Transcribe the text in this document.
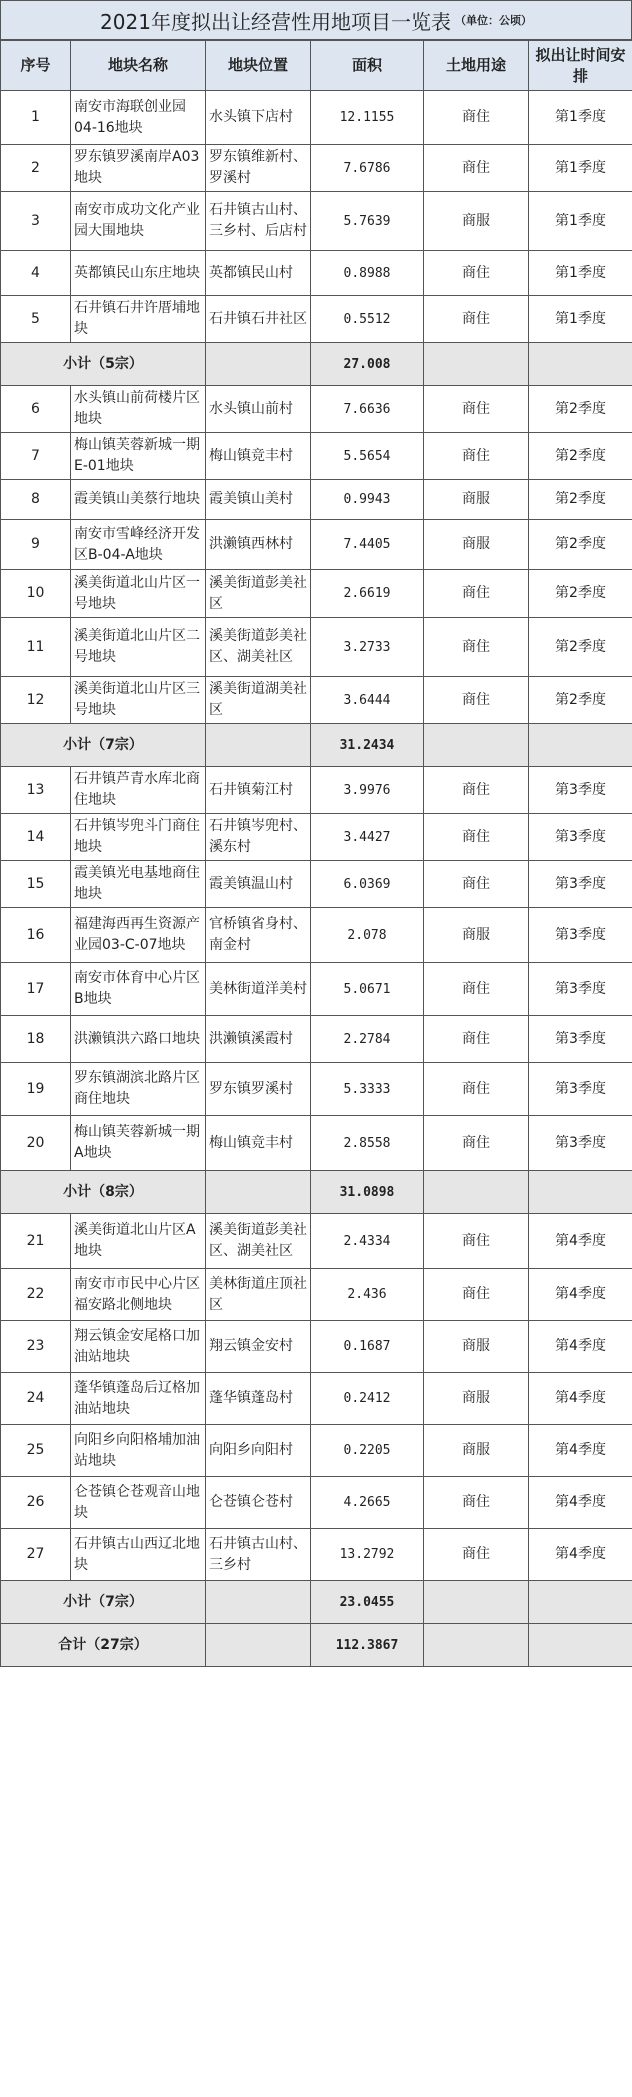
2021年度拟出让经营性用地项目一览表 （单位：公顷）
序号	地块名称	地块位置	面积	土地用途	拟出让时间安排
1	南安市海联创业园04-16地块	水头镇下店村	12.1155	商住	第1季度
2	罗东镇罗溪南岸A03地块	罗东镇维新村、罗溪村	7.6786	商住	第1季度
3	南安市成功文化产业园大围地块	石井镇古山村、三乡村、后店村	5.7639	商服	第1季度
4	英都镇民山东庄地块	英都镇民山村	0.8988	商住	第1季度
5	石井镇石井许厝埔地块	石井镇石井社区	0.5512	商住	第1季度
小计（5宗）			27.008		
6	水头镇山前荷楼片区地块	水头镇山前村	7.6636	商住	第2季度
7	梅山镇芙蓉新城一期E-01地块	梅山镇竞丰村	5.5654	商住	第2季度
8	霞美镇山美蔡行地块	霞美镇山美村	0.9943	商服	第2季度
9	南安市雪峰经济开发区B-04-A地块	洪濑镇西林村	7.4405	商服	第2季度
10	溪美街道北山片区一号地块	溪美街道彭美社区	2.6619	商住	第2季度
11	溪美街道北山片区二号地块	溪美街道彭美社区、湖美社区	3.2733	商住	第2季度
12	溪美街道北山片区三号地块	溪美街道湖美社区	3.6444	商住	第2季度
小计（7宗）			31.2434		
13	石井镇芦青水库北商住地块	石井镇菊江村	3.9976	商住	第3季度
14	石井镇岑兜斗门商住地块	石井镇岑兜村、溪东村	3.4427	商住	第3季度
15	霞美镇光电基地商住地块	霞美镇温山村	6.0369	商住	第3季度
16	福建海西再生资源产业园03-C-07地块	官桥镇省身村、南金村	2.078	商服	第3季度
17	南安市体育中心片区B地块	美林街道洋美村	5.0671	商住	第3季度
18	洪濑镇洪六路口地块	洪濑镇溪霞村	2.2784	商住	第3季度
19	罗东镇湖滨北路片区商住地块	罗东镇罗溪村	5.3333	商住	第3季度
20	梅山镇芙蓉新城一期A地块	梅山镇竞丰村	2.8558	商住	第3季度
小计（8宗）			31.0898		
21	溪美街道北山片区A地块	溪美街道彭美社区、湖美社区	2.4334	商住	第4季度
22	南安市市民中心片区福安路北侧地块	美林街道庄顶社区	2.436	商住	第4季度
23	翔云镇金安尾格口加油站地块	翔云镇金安村	0.1687	商服	第4季度
24	蓬华镇蓬岛后辽格加油站地块	蓬华镇蓬岛村	0.2412	商服	第4季度
25	向阳乡向阳格埔加油站地块	向阳乡向阳村	0.2205	商服	第4季度
26	仑苍镇仑苍观音山地块	仑苍镇仑苍村	4.2665	商住	第4季度
27	石井镇古山西辽北地块	石井镇古山村、三乡村	13.2792	商住	第4季度
小计（7宗）			23.0455		
合计（27宗）			112.3867		
